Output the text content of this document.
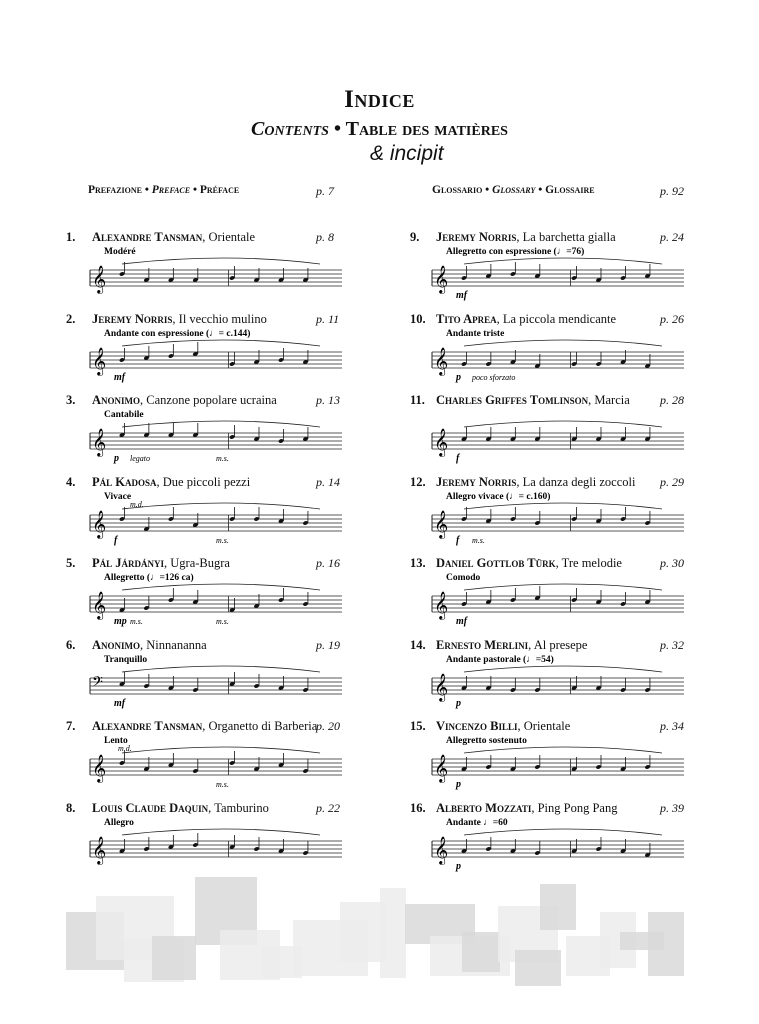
Indice
Contents • Table des matières
& incipit
Prefazione • Preface • Préface	p. 7	Glossario • Glossary • Glossaire	p. 92
1. Alexandre Tansman, Orientale	p. 8
𝄞
Modéré
2. Jeremy Norris, Il vecchio mulino	p. 11
𝄞
Andante con espressione (♩= c.144)
mf
3. Anonimo, Canzone popolare ucraina	p. 13
𝄞
Cantabile
p legato	m.s.
4. Pál Kadosa, Due piccoli pezzi	p. 14
𝄞
Vivace
f
m.d.
m.s.
5. Pál Járdányi, Ugra-Bugra	p. 16
𝄞
Allegretto (♩=126 ca)
mp m.s.	m.s.
6. Anonimo, Ninnananna	p. 19
𝄢
Tranquillo
mf
7. Alexandre Tansman, Organetto di Barberia
p. 20
𝄞
Lento
m.d.
m.s.
8. Louis Claude Daquin, Tamburino	p. 22
𝄞
Allegro
9. Jeremy Norris, La barchetta gialla	p. 24
𝄞
Allegretto con espressione (♩=76)
mf
10. Tito Aprea, La piccola mendicante	p. 26
𝄞
Andante triste
p poco sforzato
11. Charles Griffes Tomlinson, Marcia	p. 28
𝄞
f
12. Jeremy Norris, La danza degli zoccoli p. 29
𝄞
Allegro vivace (♩= c.160)
f m.s.
13. Daniel Gottlob Türk, Tre melodie	p. 30
𝄞
Comodo
mf
14. Ernesto Merlini, Al presepe	p. 32
𝄞
Andante pastorale (♩=54)
p
15. Vincenzo Billi, Orientale	p. 34
𝄞
Allegretto sostenuto
p
16. Alberto Mozzati, Ping Pong Pang	p. 39
𝄞
Andante ♩=60
p
